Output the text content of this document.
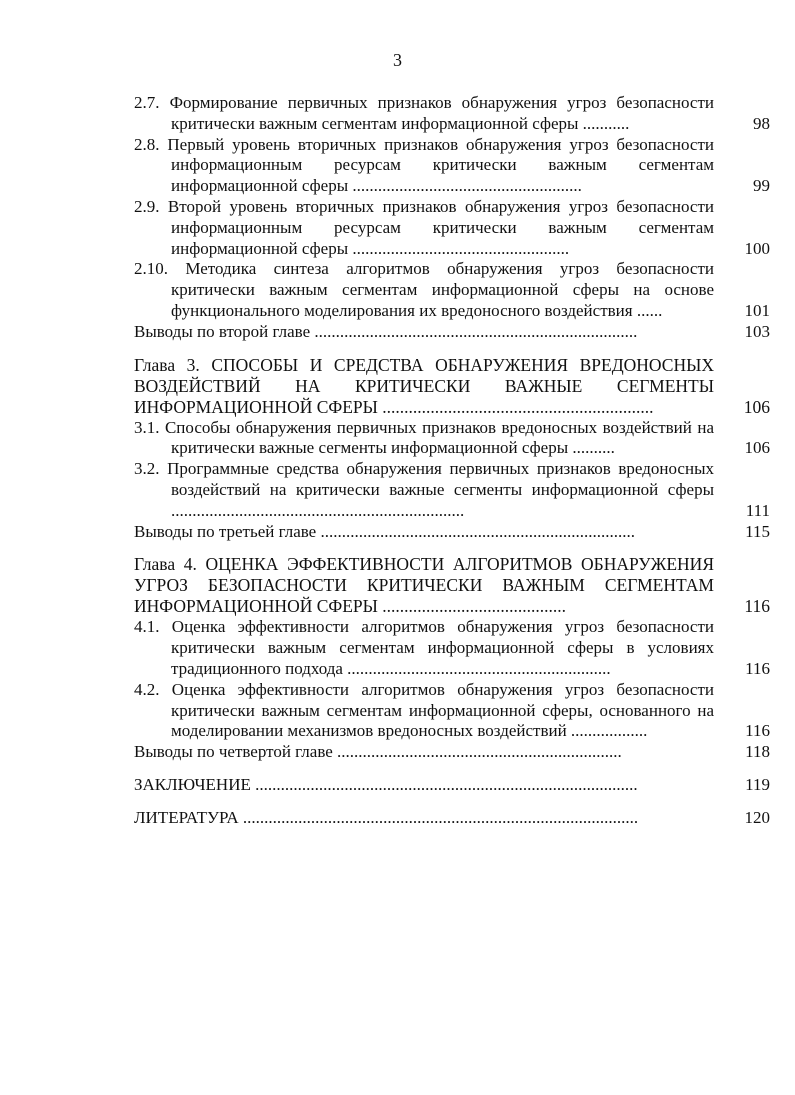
3
2.7. Формирование первичных признаков обнаружения угроз безопасности критически важным сегментам информационной сферы ...........	98
2.8. Первый уровень вторичных признаков обнаружения угроз безопасности информационным ресурсам критически важным сегментам информационной сферы ......................................................	99
2.9. Второй уровень вторичных признаков обнаружения угроз безопасности информационным ресурсам критически важным сегментам информационной сферы ...................................................	100
2.10. Методика синтеза алгоритмов обнаружения угроз безопасности критически важным сегментам информационной сферы на основе функционального моделирования их вредоносного воздействия ......	101
Выводы по второй главе ............................................................................	103
Глава 3. СПОСОБЫ И СРЕДСТВА ОБНАРУЖЕНИЯ ВРЕДОНОСНЫХ ВОЗДЕЙСТВИЙ НА КРИТИЧЕСКИ ВАЖНЫЕ СЕГМЕНТЫ ИНФОРМАЦИОННОЙ СФЕРЫ ..............................................................	106
3.1. Способы обнаружения первичных признаков вредоносных воздействий на критически важные сегменты информационной сферы ..........	106
3.2. Программные средства обнаружения первичных признаков вредоносных воздействий на критически важные сегменты информационной сферы .....................................................................	111
Выводы по третьей главе ..........................................................................	115
Глава 4. ОЦЕНКА ЭФФЕКТИВНОСТИ АЛГОРИТМОВ ОБНАРУЖЕНИЯ УГРОЗ БЕЗОПАСНОСТИ КРИТИЧЕСКИ ВАЖНЫМ СЕГМЕНТАМ ИНФОРМАЦИОННОЙ СФЕРЫ ..........................................	116
4.1. Оценка эффективности алгоритмов обнаружения угроз безопасности критически важным сегментам информационной сферы в условиях традиционного подхода ..............................................................	116
4.2. Оценка эффективности алгоритмов обнаружения угроз безопасности критически важным сегментам информационной сферы, основанного на моделировании механизмов вредоносных воздействий ..................	116
Выводы по четвертой главе ...................................................................	118
ЗАКЛЮЧЕНИЕ ..........................................................................................	119
ЛИТЕРАТУРА .............................................................................................	120
